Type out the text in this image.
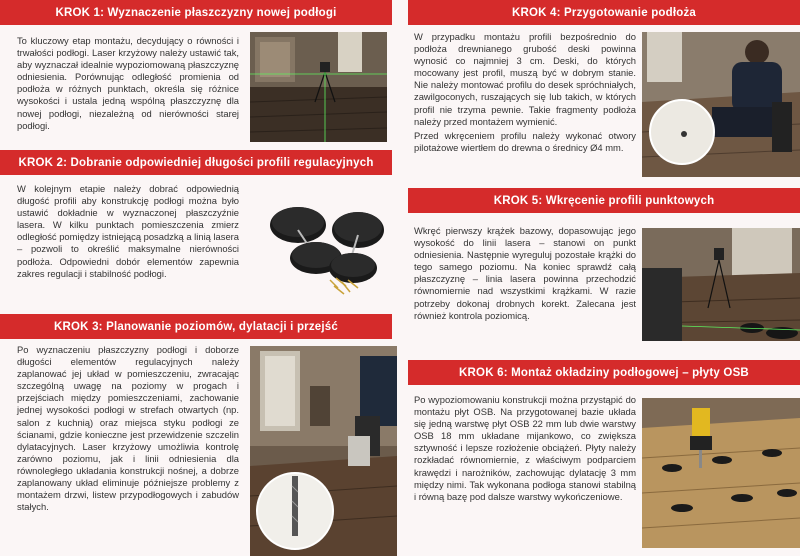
KROK 1: Wyznaczenie płaszczyzny nowej podłogi

To kluczowy etap montażu, decydujący o równości i trwałości podłogi. Laser krzyżowy należy ustawić tak, aby wyznaczał idealnie wypoziomowaną płaszczyznę odniesienia. Porównując odległość promienia od podłoża w różnych punktach, określa się różnice wysokości i ustala jedną wspólną płaszczyznę dla nowej podłogi, niezależną od nierówności starej podłogi.

KROK 2: Dobranie odpowiedniej długości profili regulacyjnych

W kolejnym etapie należy dobrać odpowiednią długość profili aby konstrukcję podłogi można było ustawić dokładnie w wyznaczonej płaszczyźnie lasera. W kilku punktach pomieszczenia zmierz odległość pomiędzy istniejącą posadzką a linią lasera – pozwoli to określić maksymalne nierówności podłoża. Odpowiedni dobór elementów zapewnia zakres regulacji i stabilność podłogi.

KROK 3: Planowanie poziomów, dylatacji i przejść

Po wyznaczeniu płaszczyzny podłogi i doborze długości elementów regulacyjnych należy zaplanować jej układ w pomieszczeniu, zwracając szczególną uwagę na poziomy w progach i przejściach między pomieszczeniami, zachowanie jednej wysokości podłogi w strefach otwartych (np. salon z kuchnią) oraz miejsca styku podłogi ze ścianami, gdzie konieczne jest przewidzenie szczelin dylatacyjnych. Laser krzyżowy umożliwia kontrolę zarówno poziomu, jak i linii odniesienia dla równoległego układania konstrukcji nośnej, a dobrze zaplanowany układ eliminuje późniejsze problemy z montażem drzwi, listew przypodłogowych i zabudów stałych.

KROK 4: Przygotowanie podłoża

W przypadku montażu profili bezpośrednio do podłoża drewnianego grubość deski powinna wynosić co najmniej 3 cm. Deski, do których mocowany jest profil, muszą być w dobrym stanie. Nie należy montować profilu do desek spróchniałych, zawilgoconych, ruszających się lub takich, w których profil nie trzyma pewnie. Takie fragmenty podłoża należy przed montażem wymienić.

Przed wkręceniem profilu należy wykonać otwory pilotażowe wiertłem do drewna o średnicy Ø4 mm.

KROK 5: Wkręcenie profili punktowych

Wkręć pierwszy krążek bazowy, dopasowując jego wysokość do linii lasera – stanowi on punkt odniesienia. Następnie wyreguluj pozostałe krążki do tego samego poziomu. Na koniec sprawdź całą płaszczyznę – linia lasera powinna przechodzić równomiernie nad wszystkimi krążkami. W razie potrzeby dokonaj drobnych korekt. Zalecana jest również kontrola poziomicą.

KROK 6: Montaż okładziny podłogowej – płyty OSB

Po wypoziomowaniu konstrukcji można przystąpić do montażu płyt OSB. Na przygotowanej bazie układa się jedną warstwę płyt OSB 22 mm lub dwie warstwy OSB 18 mm układane mijankowo, co zwiększa sztywność i lepsze rozłożenie obciążeń. Płyty należy rozkładać równomiernie, z właściwym podparciem krawędzi i narożników, zachowując dylatację 3 mm między nimi. Tak wykonana podłoga stanowi stabilną i równą bazę pod dalsze warstwy wykończeniowe.
